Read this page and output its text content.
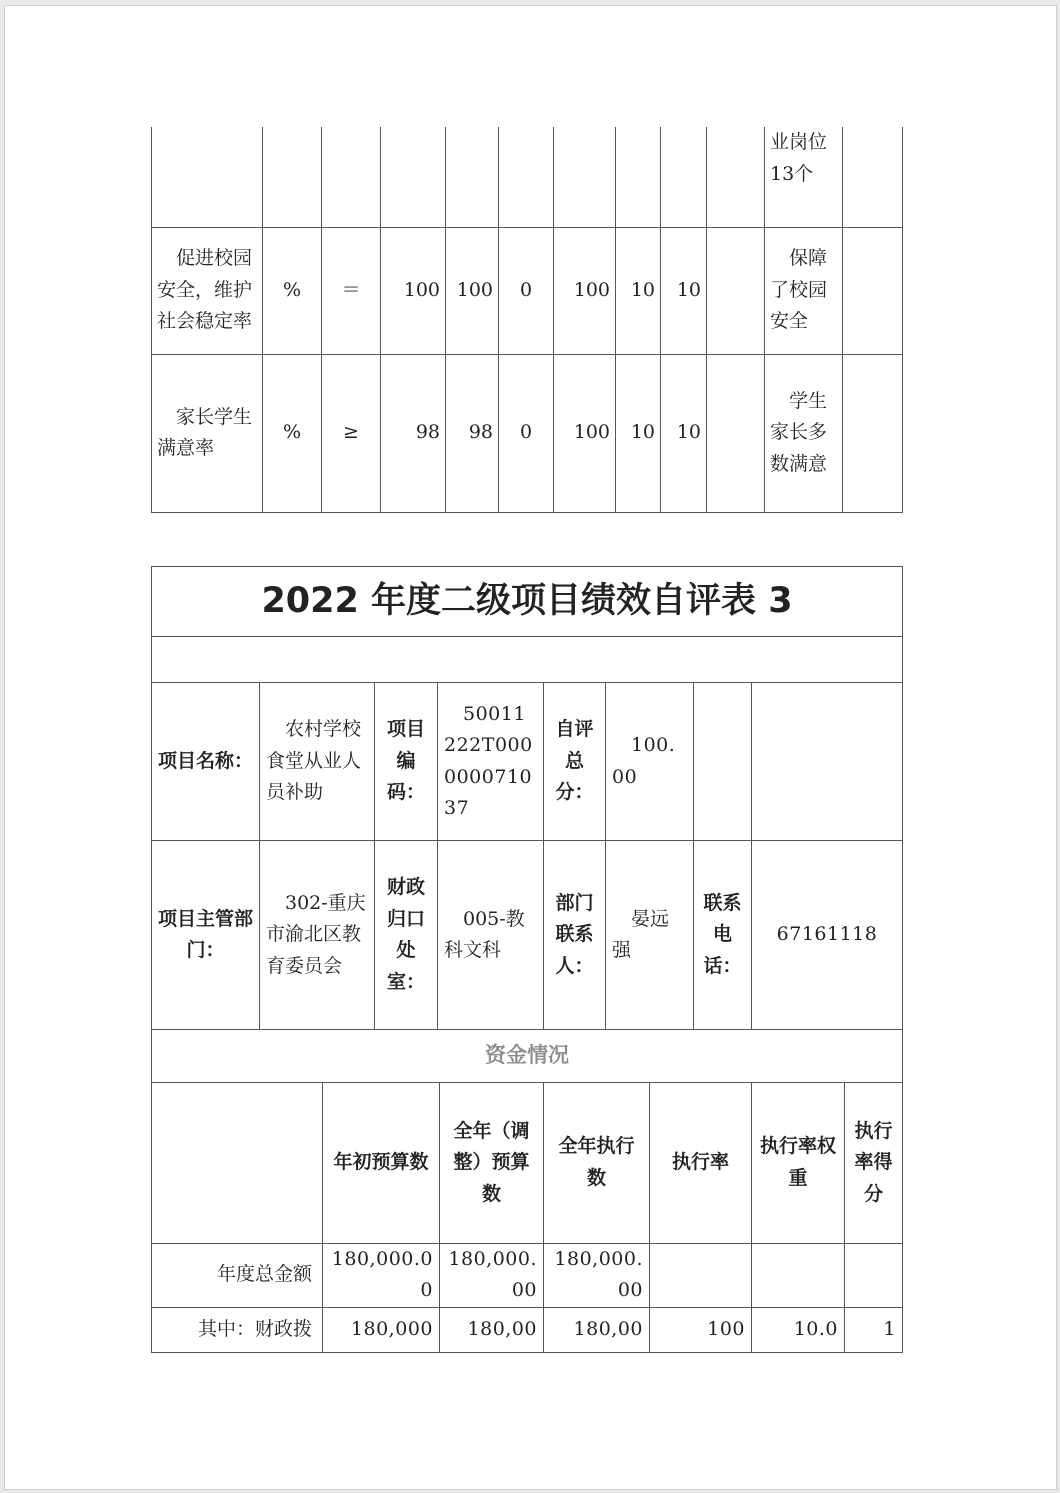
										业岗位13个	
促进校园安全，维护社会稳定率	%	＝	100	100	0	100	10	10		保障了校园安全	
家长学生满意率	%	≥	98	98	0	100	10	10		学生家长多数满意	
2022 年度二级项目绩效自评表 3							

项目名称：	农村学校食堂从业人员补助	项目编码：	50011222T000000071037	自评总分：	100.00		
项目主管部门：	302-重庆市渝北区教育委员会	财政归口处室：	005-教科文科	部门联系人：	晏远强	联系电话：	67161118
资金情况							
	年初预算数	全年（调整）预算数	全年执行数	执行率	执行率权重	执行率得分
年度总金额	180,000.00	180,000.00	180,000.00			
其中：财政拨	180,000	180,00	180,00	100	10.0	1
